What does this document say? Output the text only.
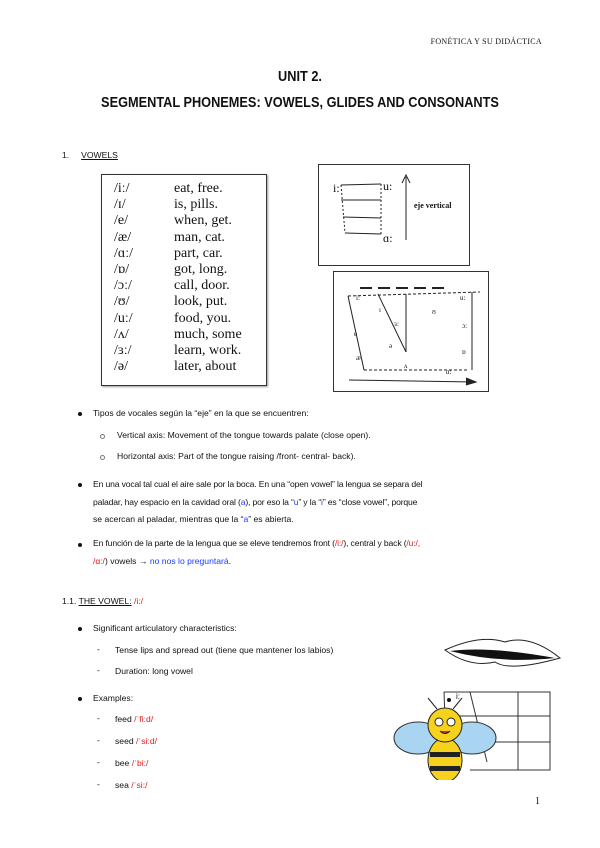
FONÉTICA Y SU DIDÁCTICA
UNIT 2.
SEGMENTAL PHONEMES: VOWELS, GLIDES AND CONSONANTS
1. VOWELS
/iː/	eat, free.
/ɪ/	is, pills.
/e/	when, get.
/æ/	man, cat.
/ɑː/	part, car.
/ɒ/	got, long.
/ɔː/	call, door.
/ʊ/	look, put.
/uː/	food, you.
/ʌ/	much, some
/ɜː/	learn, work.
/ə/	later, about
i:	u:
ɑ:
eje vertical
i:
ɪ
e
æ
ɜ:
ə
ʌ
ʊ
u:
ɔ:
ɒ
ɑ:
Tipos de vocales según la “eje” en la que se encuentren:
Vertical axis: Movement of the tongue towards palate (close open).
Horizontal axis: Part of the tongue raising /front- central- back).
En una vocal tal cual el aire sale por la boca. En una “open vowel” la lengua se separa del
paladar, hay espacio en la cavidad oral (a), por eso la “u” y la “i” es “close vowel”, porque
se acercan al paladar, mientras que la “a” es abierta.
En función de la parte de la lengua que se eleve tendremos front (/i:/), central y back (/u:/,
/ɑ:/) vowels → no nos lo preguntará.
1.1. THE VOWEL: /i:/
Significant articulatory characteristics:
- Tense lips and spread out (tiene que mantener los labios)
- Duration: long vowel
Examples:
- feed /ˈfi:d/
- seed /ˈsi:d/
- bee /ˈbi:/
- sea /ˈsi:/
i:
1
